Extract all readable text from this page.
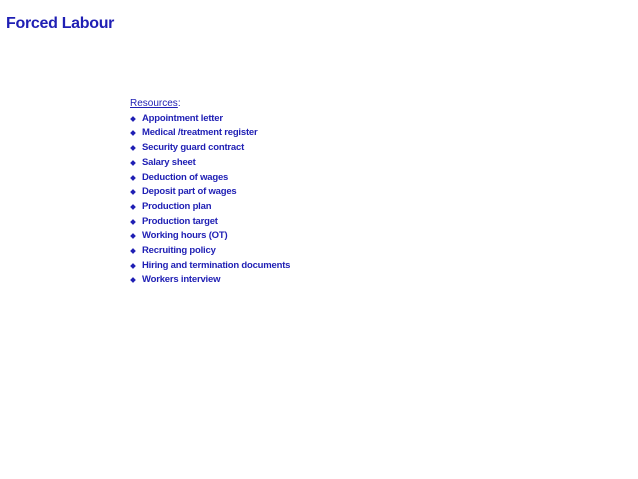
Forced Labour
Resources:
Appointment letter
Medical /treatment register
Security guard contract
Salary sheet
Deduction of wages
Deposit part of wages
Production plan
Production target
Working hours (OT)
Recruiting policy
Hiring and termination documents
Workers interview
